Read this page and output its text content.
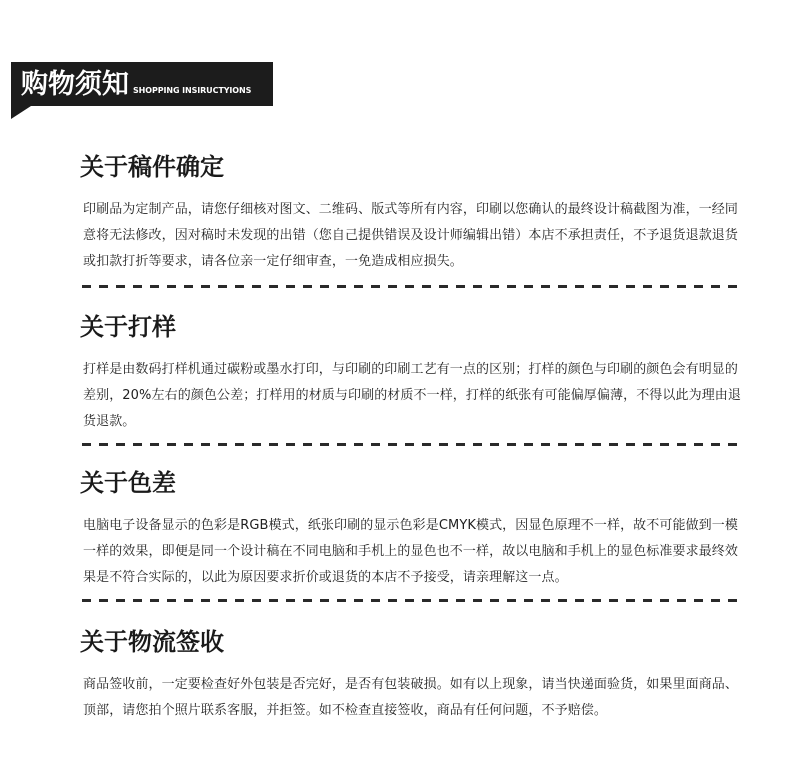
购物须知 SHOPPING INSIRUCTYIONS
关于稿件确定

印刷品为定制产品，请您仔细核对图文、二维码、版式等所有内容，印刷以您确认的最终设计稿截图为准，一经同意将无法修改，因对稿时未发现的出错（您自己提供错误及设计师编辑出错）本店不承担责任，不予退货退款退货或扣款打折等要求，请各位亲一定仔细审查，一免造成相应损失。

关于打样

打样是由数码打样机通过碳粉或墨水打印，与印刷的印刷工艺有一点的区别；打样的颜色与印刷的颜色会有明显的差别，20%左右的颜色公差；打样用的材质与印刷的材质不一样，打样的纸张有可能偏厚偏薄，不得以此为理由退货退款。

关于色差

电脑电子设备显示的色彩是RGB模式，纸张印刷的显示色彩是CMYK模式，因显色原理不一样，故不可能做到一模一样的效果，即便是同一个设计稿在不同电脑和手机上的显色也不一样，故以电脑和手机上的显色标准要求最终效果是不符合实际的，以此为原因要求折价或退货的本店不予接受，请亲理解这一点。

关于物流签收

商品签收前，一定要检查好外包装是否完好，是否有包装破损。如有以上现象，请当快递面验货，如果里面商品、顶部，请您拍个照片联系客服，并拒签。如不检查直接签收，商品有任何问题，不予赔偿。
